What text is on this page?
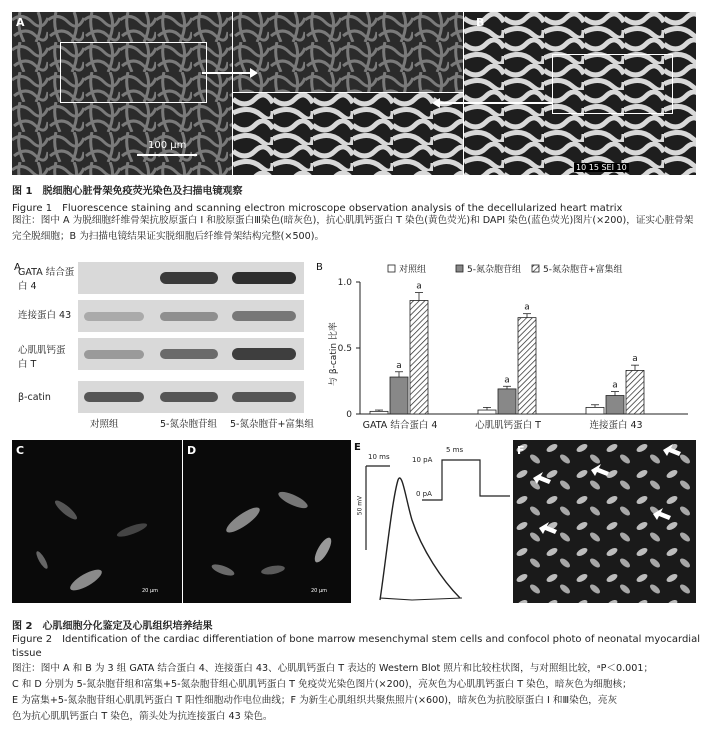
A
100 μm
B
10 15 SEI 10
图 1　脱细胞心脏骨架免疫荧光染色及扫描电镜观察
Figure 1　Fluorescence staining and scanning electron microscope observation analysis of the decellularized heart matrix
图注：图中 A 为脱细胞纤维骨架抗胶原蛋白 Ⅰ 和胶原蛋白Ⅲ染色(暗灰色)，抗心肌肌钙蛋白 T 染色(黄色荧光)和 DAPI 染色(蓝色荧光)图片(×200)，证实心脏骨架完全脱细胞；B 为扫描电镜结果证实脱细胞后纤维骨架结构完整(×500)。
A
GATA 结合蛋白 4
连接蛋白 43
心肌肌钙蛋白 T
β-catin
对照组	5-氮杂胞苷组 5-氮杂胞苷+富集组
B	对照组	5-氮杂胞苷组 5-氮杂胞苷+富集组
0
0.5
1.0
a
a
a
a
a
a
GATA 结合蛋白 4	心肌肌钙蛋白 T	连接蛋白 43
与 β-catin 比率
C
20 μm
D
20 μm
E
10 ms
50 mV
5 ms
10 pA
0 pA
F
图 2　心肌细胞分化鉴定及心肌组织培养结果
Figure 2　Identification of the cardiac differentiation of bone marrow mesenchymal stem cells and confocol photo of neonatal myocardial tissue
图注：图中 A 和 B 为 3 组 GATA 结合蛋白 4、连接蛋白 43、心肌肌钙蛋白 T 表达的 Western Blot 照片和比较柱状图，与对照组比较，ᵃP＜0.001；
C 和 D 分别为 5-氮杂胞苷组和富集+5-氮杂胞苷组心肌肌钙蛋白 T 免疫荧光染色图片(×200)，亮灰色为心肌肌钙蛋白 T 染色，暗灰色为细胞核；
E 为富集+5-氮杂胞苷组心肌肌钙蛋白 T 阳性细胞动作电位曲线；F 为新生心肌组织共聚焦照片(×600)，暗灰色为抗胶原蛋白 Ⅰ 和Ⅲ染色，亮灰
色为抗心肌肌钙蛋白 T 染色，箭头处为抗连接蛋白 43 染色。
